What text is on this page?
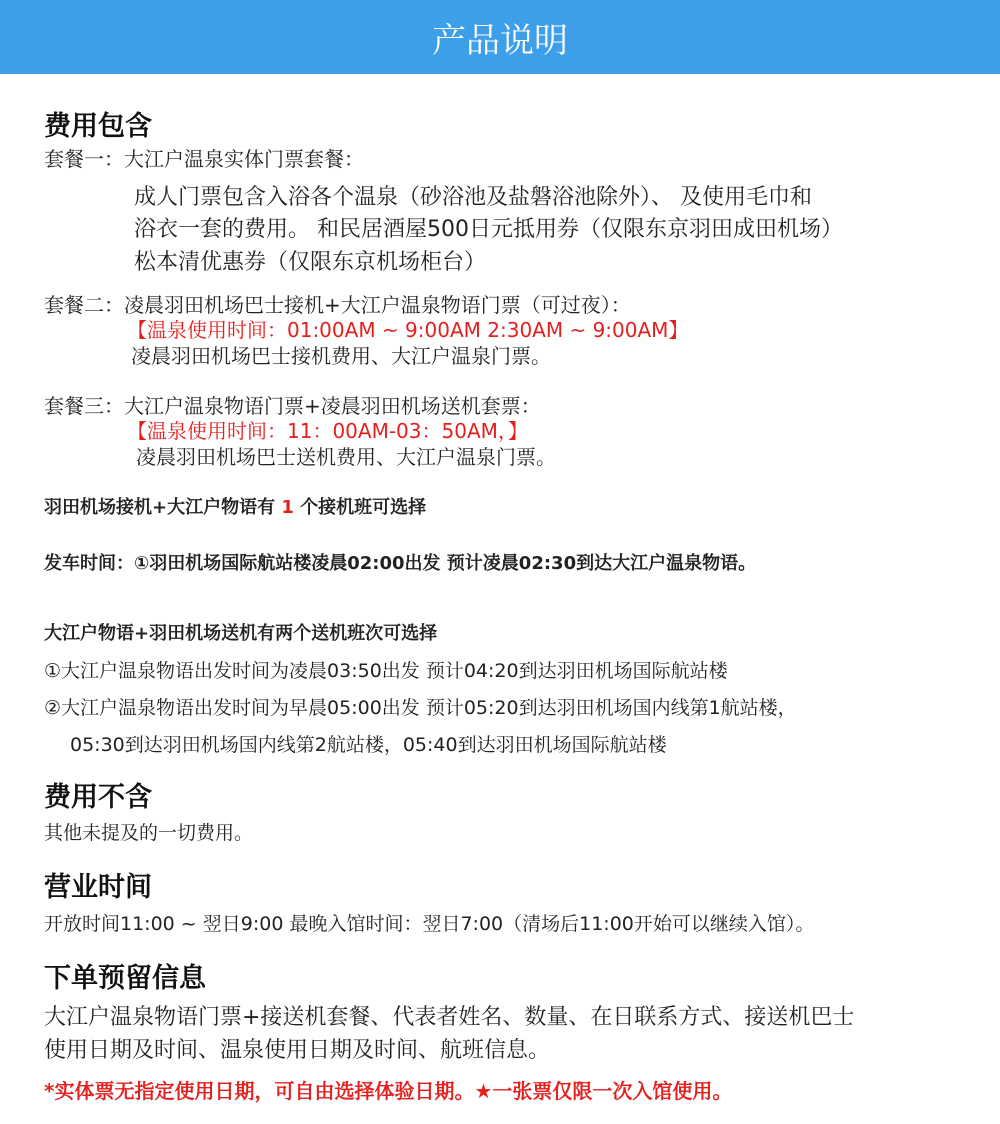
产品说明
费用包含
套餐一：大江户温泉实体门票套餐：
成人门票包含入浴各个温泉（砂浴池及盐磐浴池除外）、 及使用毛巾和
浴衣一套的费用。 和民居酒屋500日元抵用券（仅限东京羽田成田机场）
松本清优惠券（仅限东京机场柜台）
套餐二：凌晨羽田机场巴士接机+大江户温泉物语门票（可过夜）：
【温泉使用时间：01:00AM ~ 9:00AM 2:30AM ~ 9:00AM】
凌晨羽田机场巴士接机费用、大江户温泉门票。
套餐三：大江户温泉物语门票+凌晨羽田机场送机套票：
【温泉使用时间：11：00AM-03：50AM，】
凌晨羽田机场巴士送机费用、大江户温泉门票。
羽田机场接机+大江户物语有 1 个接机班可选择
发车时间：①羽田机场国际航站楼凌晨02:00出发 预计凌晨02:30到达大江户温泉物语。
大江户物语+羽田机场送机有两个送机班次可选择
①大江户温泉物语出发时间为凌晨03:50出发 预计04:20到达羽田机场国际航站楼
②大江户温泉物语出发时间为早晨05:00出发 预计05:20到达羽田机场国内线第1航站楼，
05:30到达羽田机场国内线第2航站楼，05:40到达羽田机场国际航站楼
费用不含
其他未提及的一切费用。
营业时间
开放时间11:00 ~ 翌日9:00 最晚入馆时间：翌日7:00（清场后11:00开始可以继续入馆）。
下单预留信息
大江户温泉物语门票+接送机套餐、代表者姓名、数量、在日联系方式、接送机巴士
使用日期及时间、温泉使用日期及时间、航班信息。
*实体票无指定使用日期，可自由选择体验日期。★一张票仅限一次入馆使用。
